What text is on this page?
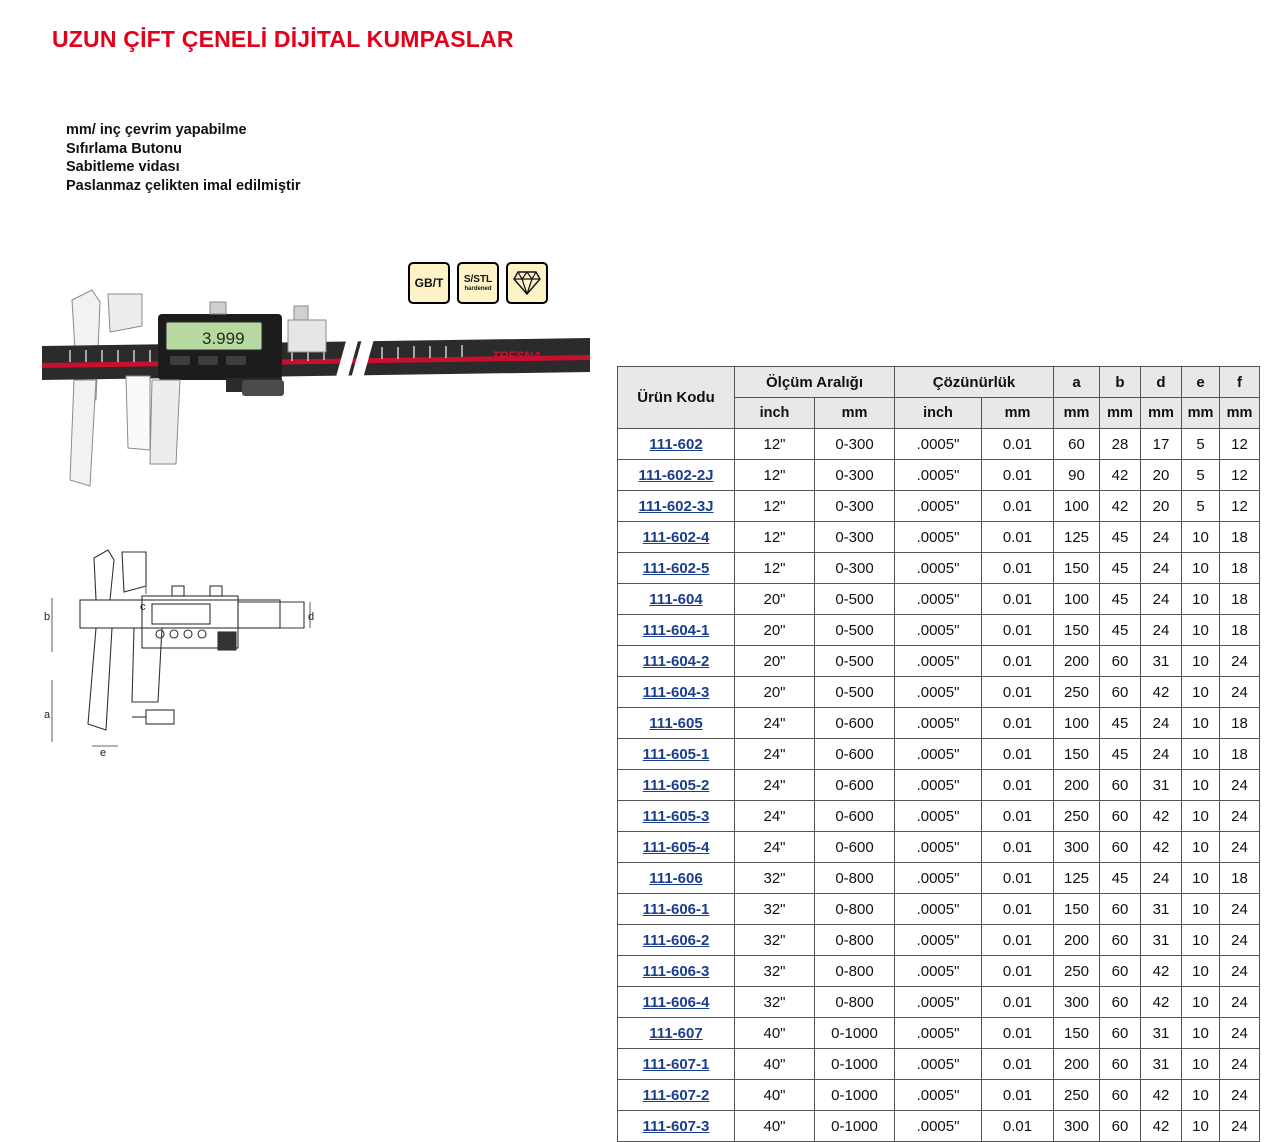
UZUN ÇİFT ÇENELİ DİJİTAL KUMPASLAR
mm/ inç çevrim yapabilme
Sıfırlama Butonu
Sabitleme vidası
Paslanmaz çelikten imal edilmiştir
GB/T S/STL
hardened
TRESNA
3.999
b
c
d
a
e
Ürün Kodu	Ölçüm Aralığı		Çözünürlük		a	b	d	e	f
	inch	mm	inch	mm	mm	mm	mm	mm	mm
111-602	12"	0-300	.0005"	0.01	60	28	17	5	12
111-602-2J	12"	0-300	.0005"	0.01	90	42	20	5	12
111-602-3J	12"	0-300	.0005"	0.01	100	42	20	5	12
111-602-4	12"	0-300	.0005"	0.01	125	45	24	10	18
111-602-5	12"	0-300	.0005"	0.01	150	45	24	10	18
111-604	20"	0-500	.0005"	0.01	100	45	24	10	18
111-604-1	20"	0-500	.0005"	0.01	150	45	24	10	18
111-604-2	20"	0-500	.0005"	0.01	200	60	31	10	24
111-604-3	20"	0-500	.0005"	0.01	250	60	42	10	24
111-605	24"	0-600	.0005"	0.01	100	45	24	10	18
111-605-1	24"	0-600	.0005"	0.01	150	45	24	10	18
111-605-2	24"	0-600	.0005"	0.01	200	60	31	10	24
111-605-3	24"	0-600	.0005"	0.01	250	60	42	10	24
111-605-4	24"	0-600	.0005"	0.01	300	60	42	10	24
111-606	32"	0-800	.0005"	0.01	125	45	24	10	18
111-606-1	32"	0-800	.0005"	0.01	150	60	31	10	24
111-606-2	32"	0-800	.0005"	0.01	200	60	31	10	24
111-606-3	32"	0-800	.0005"	0.01	250	60	42	10	24
111-606-4	32"	0-800	.0005"	0.01	300	60	42	10	24
111-607	40"	0-1000	.0005"	0.01	150	60	31	10	24
111-607-1	40"	0-1000	.0005"	0.01	200	60	31	10	24
111-607-2	40"	0-1000	.0005"	0.01	250	60	42	10	24
111-607-3	40"	0-1000	.0005"	0.01	300	60	42	10	24
